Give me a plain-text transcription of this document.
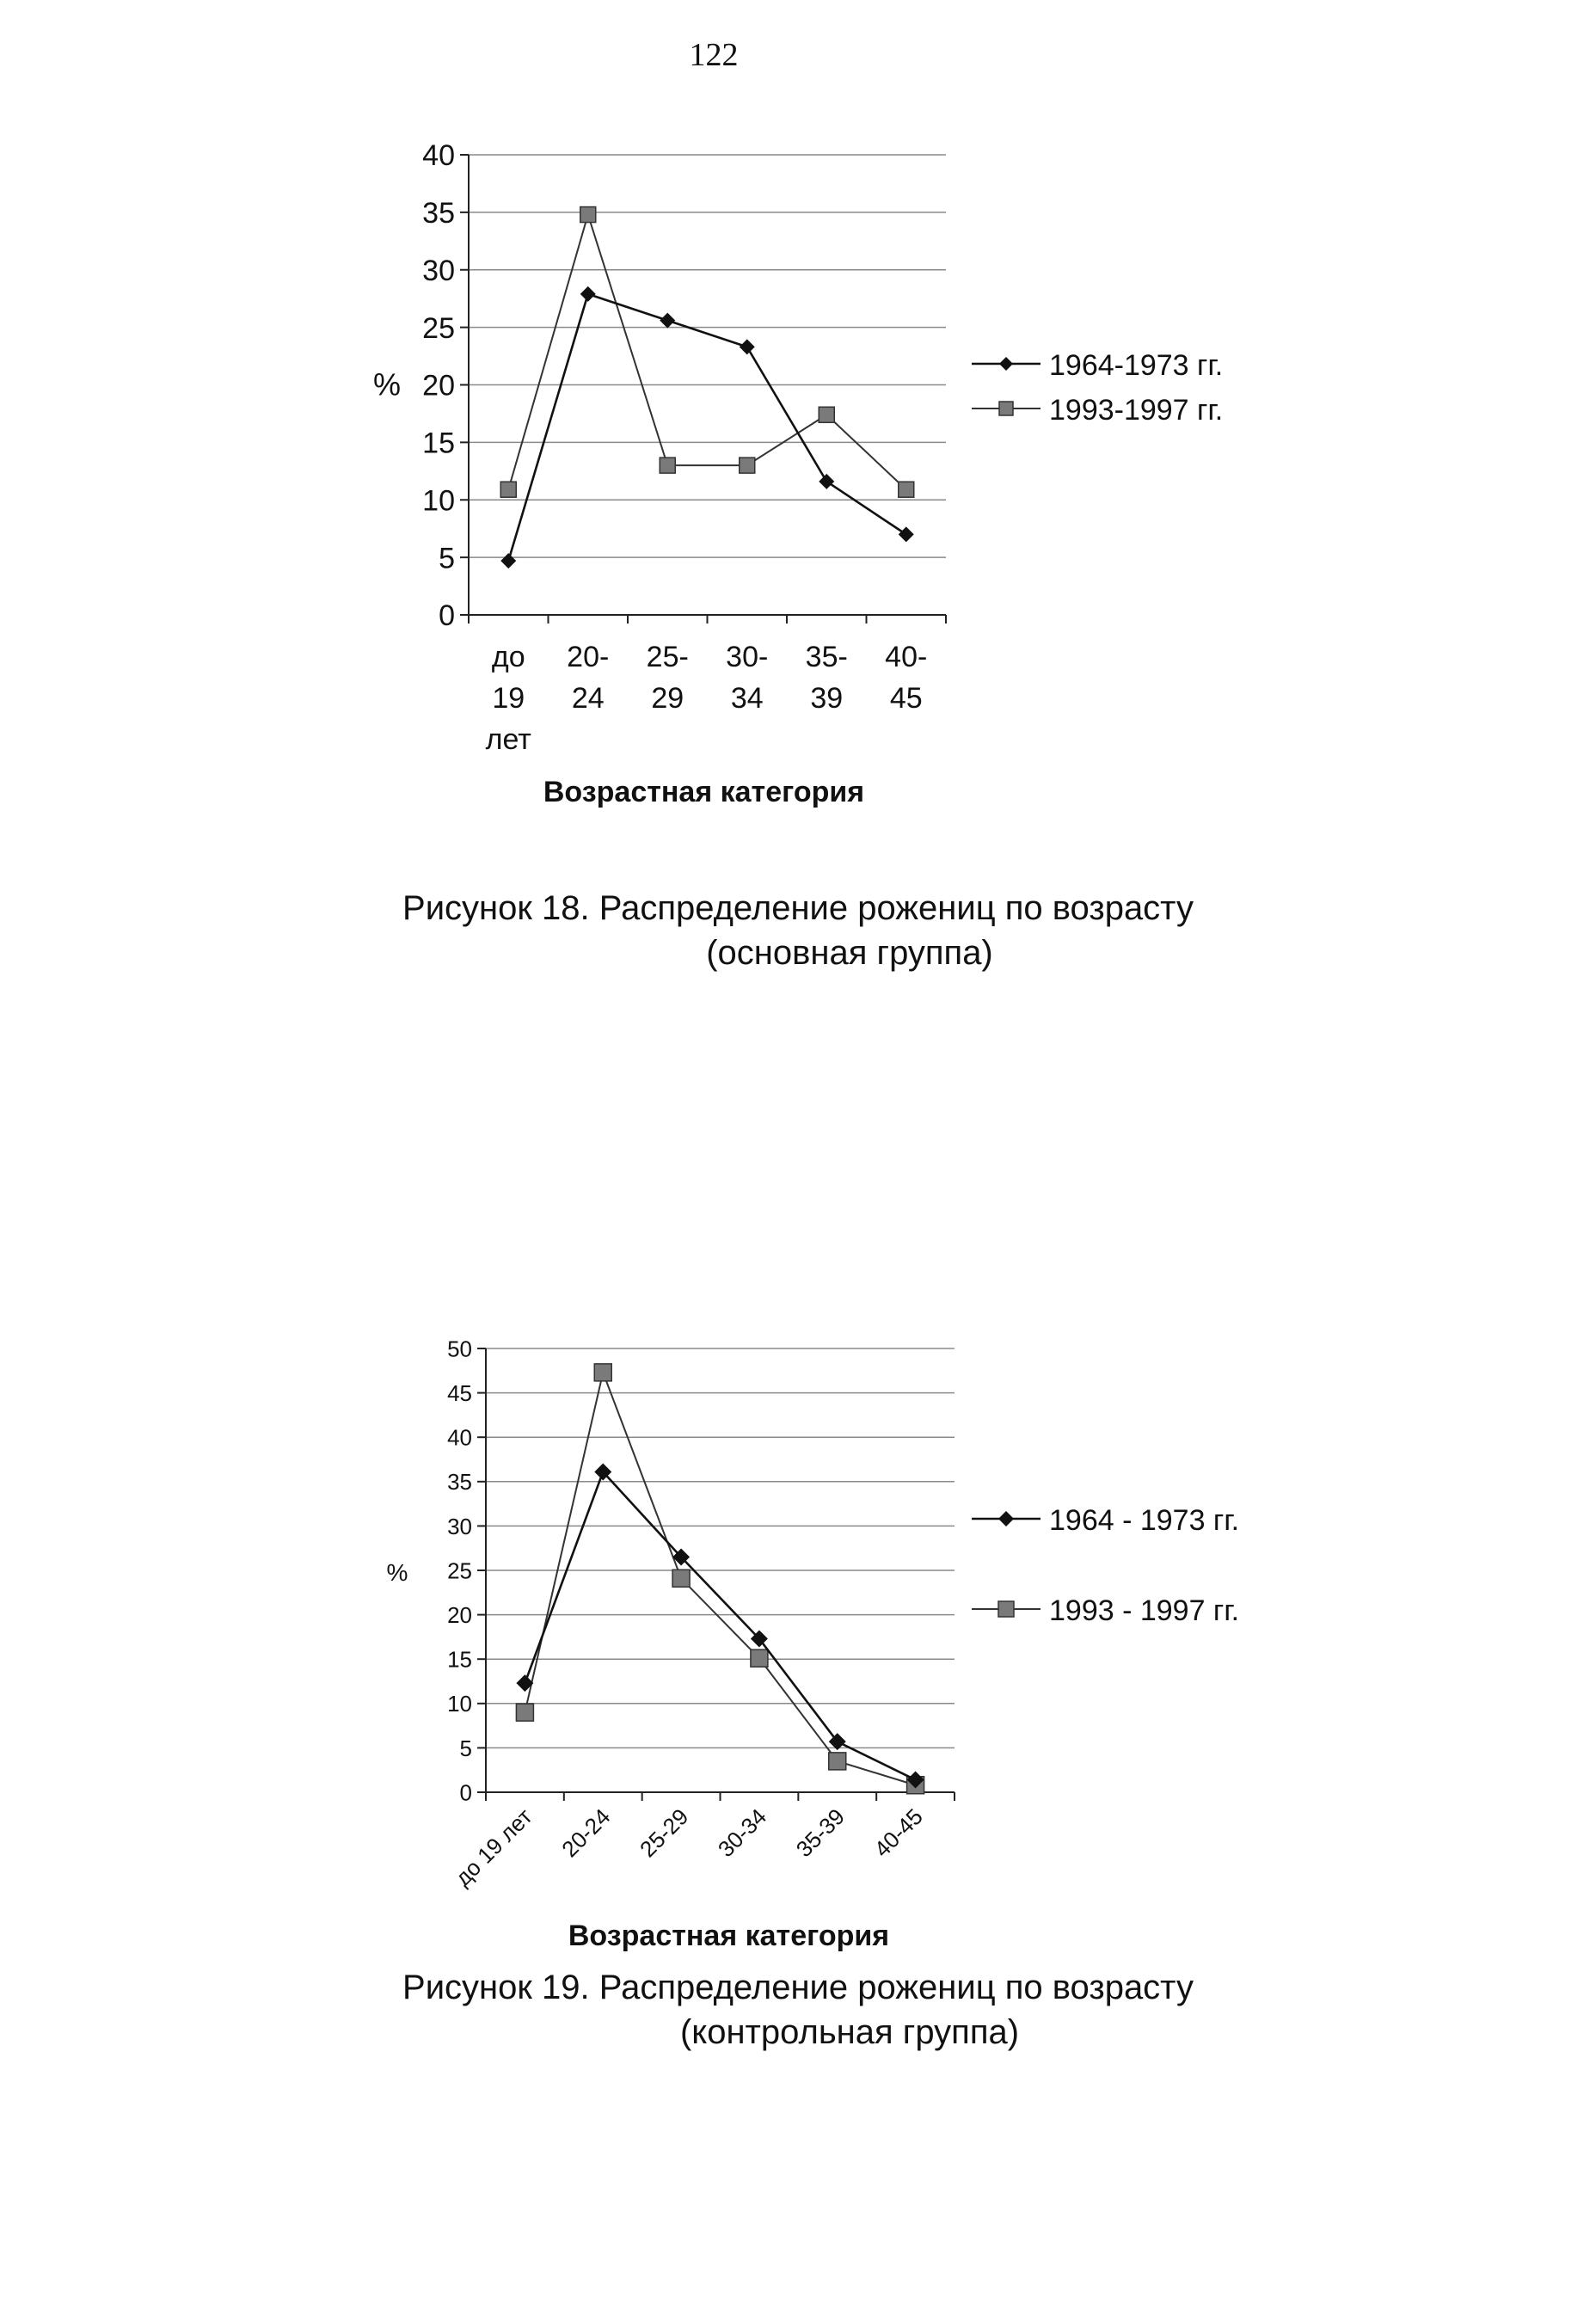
122
0
5
10
15
20
25
30
35
40
до
19
лет
20-
24
25-
29
30-
34
35-
39
40-
45
%
Возрастная категория
1964-1973 гг.
1993-1997 гг.
Рисунок 18. Распределение рожениц по возрасту
(основная группа)
0
5
10
15
20
25
30
35
40
45
50
до 19 лет 20-24 25-29 30-34 35-39 40-45
%
Возрастная категория
1964 - 1973 гг.
1993 - 1997 гг.
Рисунок 19. Распределение рожениц по возрасту
(контрольная группа)
